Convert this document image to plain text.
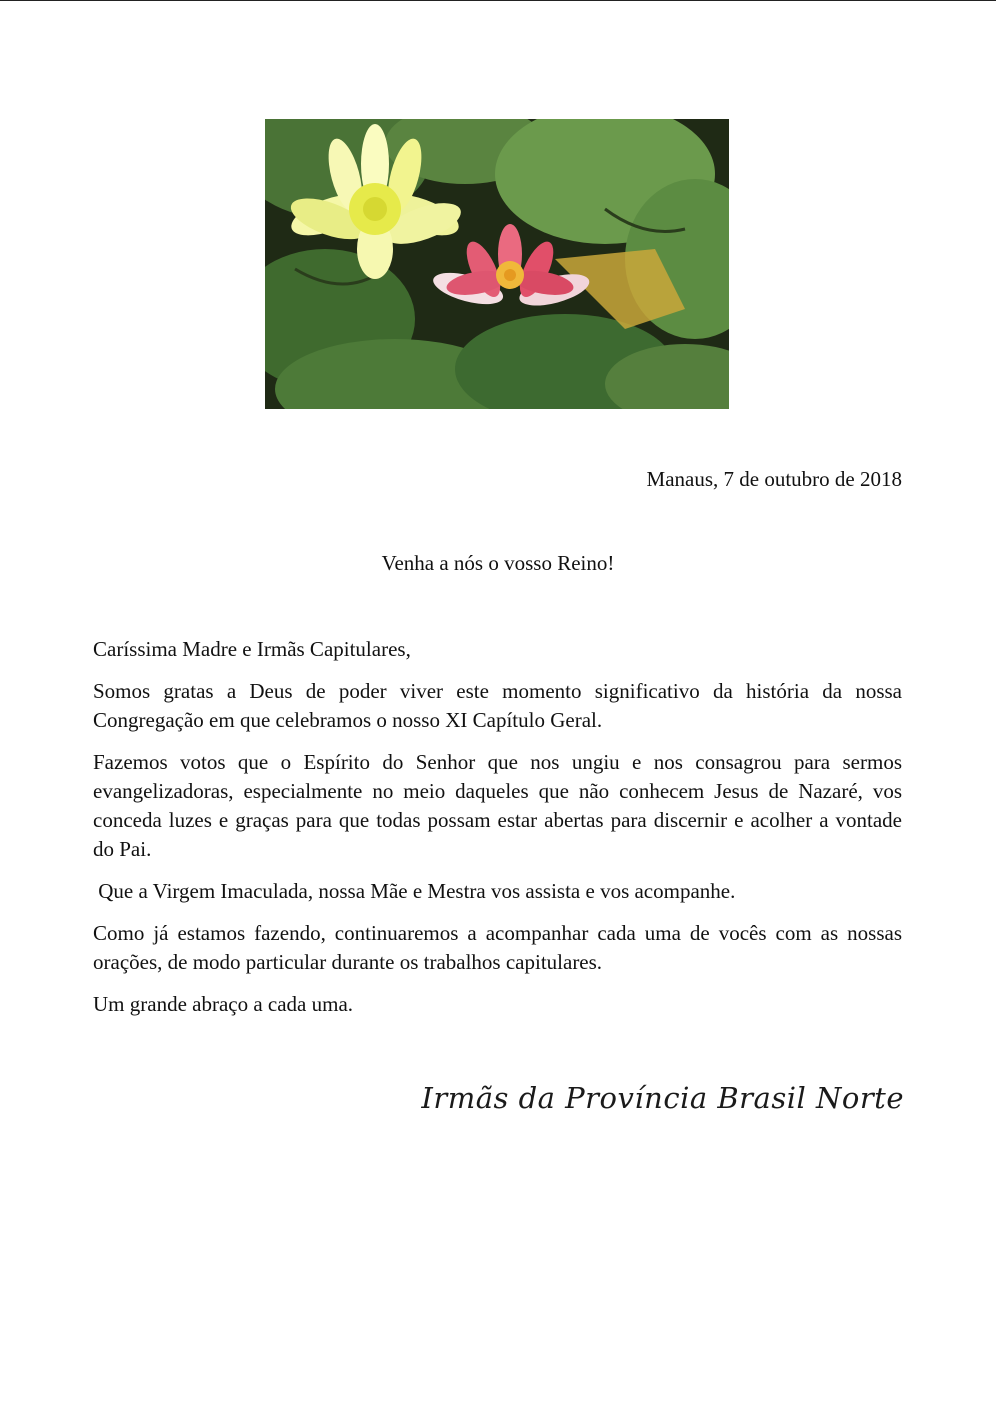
Manaus, 7 de outubro de 2018
Venha a nós o vosso Reino!

Caríssima Madre e Irmãs Capitulares,

Somos gratas a Deus de poder viver este momento significativo da história da nossa Congregação em que celebramos o nosso XI Capítulo Geral.

Fazemos votos que o Espírito do Senhor que nos ungiu e nos consagrou para sermos evangelizadoras, especialmente no meio daqueles que não conhecem Jesus de Nazaré, vos conceda luzes e graças para que todas possam estar abertas para discernir e acolher a vontade do Pai.

Que a Virgem Imaculada, nossa Mãe e Mestra vos assista e vos acompanhe.

Como já estamos fazendo, continuaremos a acompanhar cada uma de vocês com as nossas orações, de modo particular durante os trabalhos capitulares.

Um grande abraço a cada uma.

Irmãs da Província Brasil Norte
